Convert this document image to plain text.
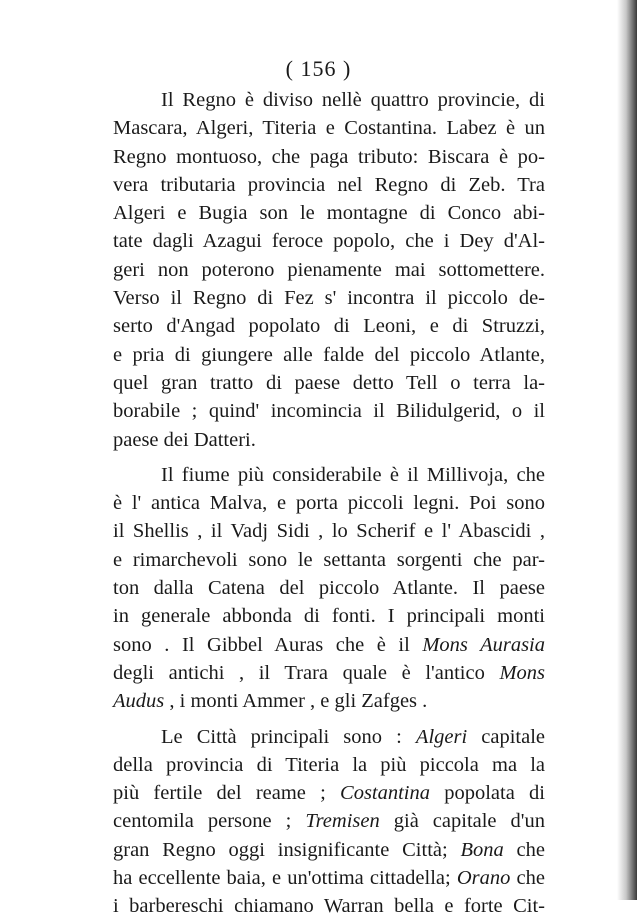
( 156 )
Il Regno è diviso nellè quattro provincie, di
Mascara, Algeri, Titeria e Costantina. Labez è un
Regno montuoso, che paga tributo: Biscara è po-
vera tributaria provincia nel Regno di Zeb. Tra
Algeri e Bugia son le montagne di Conco abi-
tate dagli Azagui feroce popolo, che i Dey d'Al-
geri non poterono pienamente mai sottomettere.
Verso il Regno di Fez s' incontra il piccolo de-
serto d'Angad popolato di Leoni, e di Struzzi,
e pria di giungere alle falde del piccolo Atlante,
quel gran tratto di paese detto Tell o terra la-
borabile ; quind' incomincia il Bilidulgerid, o il
paese dei Datteri.
Il fiume più considerabile è il Millivoja, che
è l' antica Malva, e porta piccoli legni. Poi sono
il Shellis , il Vadj Sidi , lo Scherif e l' Abascidi ,
e rimarchevoli sono le settanta sorgenti che par-
ton dalla Catena del piccolo Atlante. Il paese
in generale abbonda di fonti. I principali monti
sono . Il Gibbel Auras che è il Mons Aurasia
degli antichi , il Trara quale è l'antico Mons
Audus , i monti Ammer , e gli Zafges .
Le Città principali sono : Algeri capitale
della provincia di Titeria la più piccola ma la
più fertile del reame ; Costantina popolata di
centomila persone ; Tremisen già capitale d'un
gran Regno oggi insignificante Città; Bona che
ha eccellente baia, e un'ottima cittadella; Orano che
i barbereschi chiamano Warran bella e forte Cit-
